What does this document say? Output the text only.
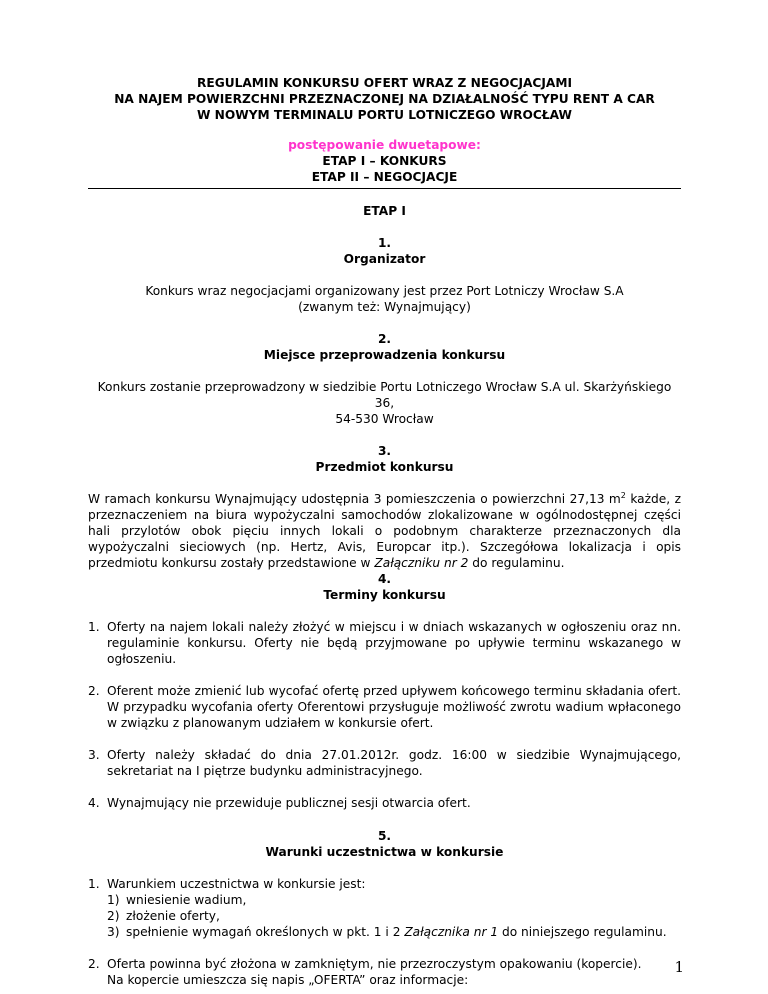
REGULAMIN KONKURSU OFERT WRAZ Z NEGOCJACJAMI

NA NAJEM POWIERZCHNI PRZEZNACZONEJ NA DZIAŁALNOŚĆ TYPU RENT A CAR

W NOWYM TERMINALU PORTU LOTNICZEGO WROCŁAW

postępowanie dwuetapowe:
ETAP I – KONKURS
ETAP II – NEGOCJACJE
ETAP I
1.
Organizator
Konkurs wraz negocjacjami organizowany jest przez Port Lotniczy Wrocław S.A
(zwanym też: Wynajmujący)
2.
Miejsce przeprowadzenia konkursu
Konkurs zostanie przeprowadzony w siedzibie Portu Lotniczego Wrocław S.A ul. Skarżyńskiego 36,
54-530 Wrocław
3.
Przedmiot konkursu

W ramach konkursu Wynajmujący udostępnia 3 pomieszczenia o powierzchni 27,13 $m^2$ każde, z przeznaczeniem na biura wypożyczalni samochodów zlokalizowane w ogólnodostępnej części hali przylotów obok pięciu innych lokali o podobnym charakterze przeznaczonych dla wypożyczalni sieciowych (np. Hertz, Avis, Europcar itp.). Szczegółowa lokalizacja i opis przedmiotu konkursu zostały przedstawione w Załączniku nr 2 do regulaminu.

4.
Terminy konkursu
1. Oferty na najem lokali należy złożyć w miejscu i w dniach wskazanych w ogłoszeniu oraz nn. regulaminie konkursu. Oferty nie będą przyjmowane po upływie terminu wskazanego w ogłoszeniu.
2. Oferent może zmienić lub wycofać ofertę przed upływem końcowego terminu składania ofert. W przypadku wycofania oferty Oferentowi przysługuje możliwość zwrotu wadium wpłaconego w związku z planowanym udziałem w konkursie ofert.
3. Oferty należy składać do dnia 27.01.2012r. godz. 16:00 w siedzibie Wynajmującego, sekretariat na I piętrze budynku administracyjnego.
4. Wynajmujący nie przewiduje publicznej sesji otwarcia ofert.
5.
Warunki uczestnictwa w konkursie
1. Warunkiem uczestnictwa w konkursie jest:
1) wniesienie wadium,
2) złożenie oferty,
3) spełnienie wymagań określonych w pkt. 1 i 2 Załącznika nr 1 do niniejszego regulaminu.
2. Oferta powinna być złożona w zamkniętym, nie przezroczystym opakowaniu (kopercie).
Na kopercie umieszcza się napis „OFERTA” oraz informacje:
1
